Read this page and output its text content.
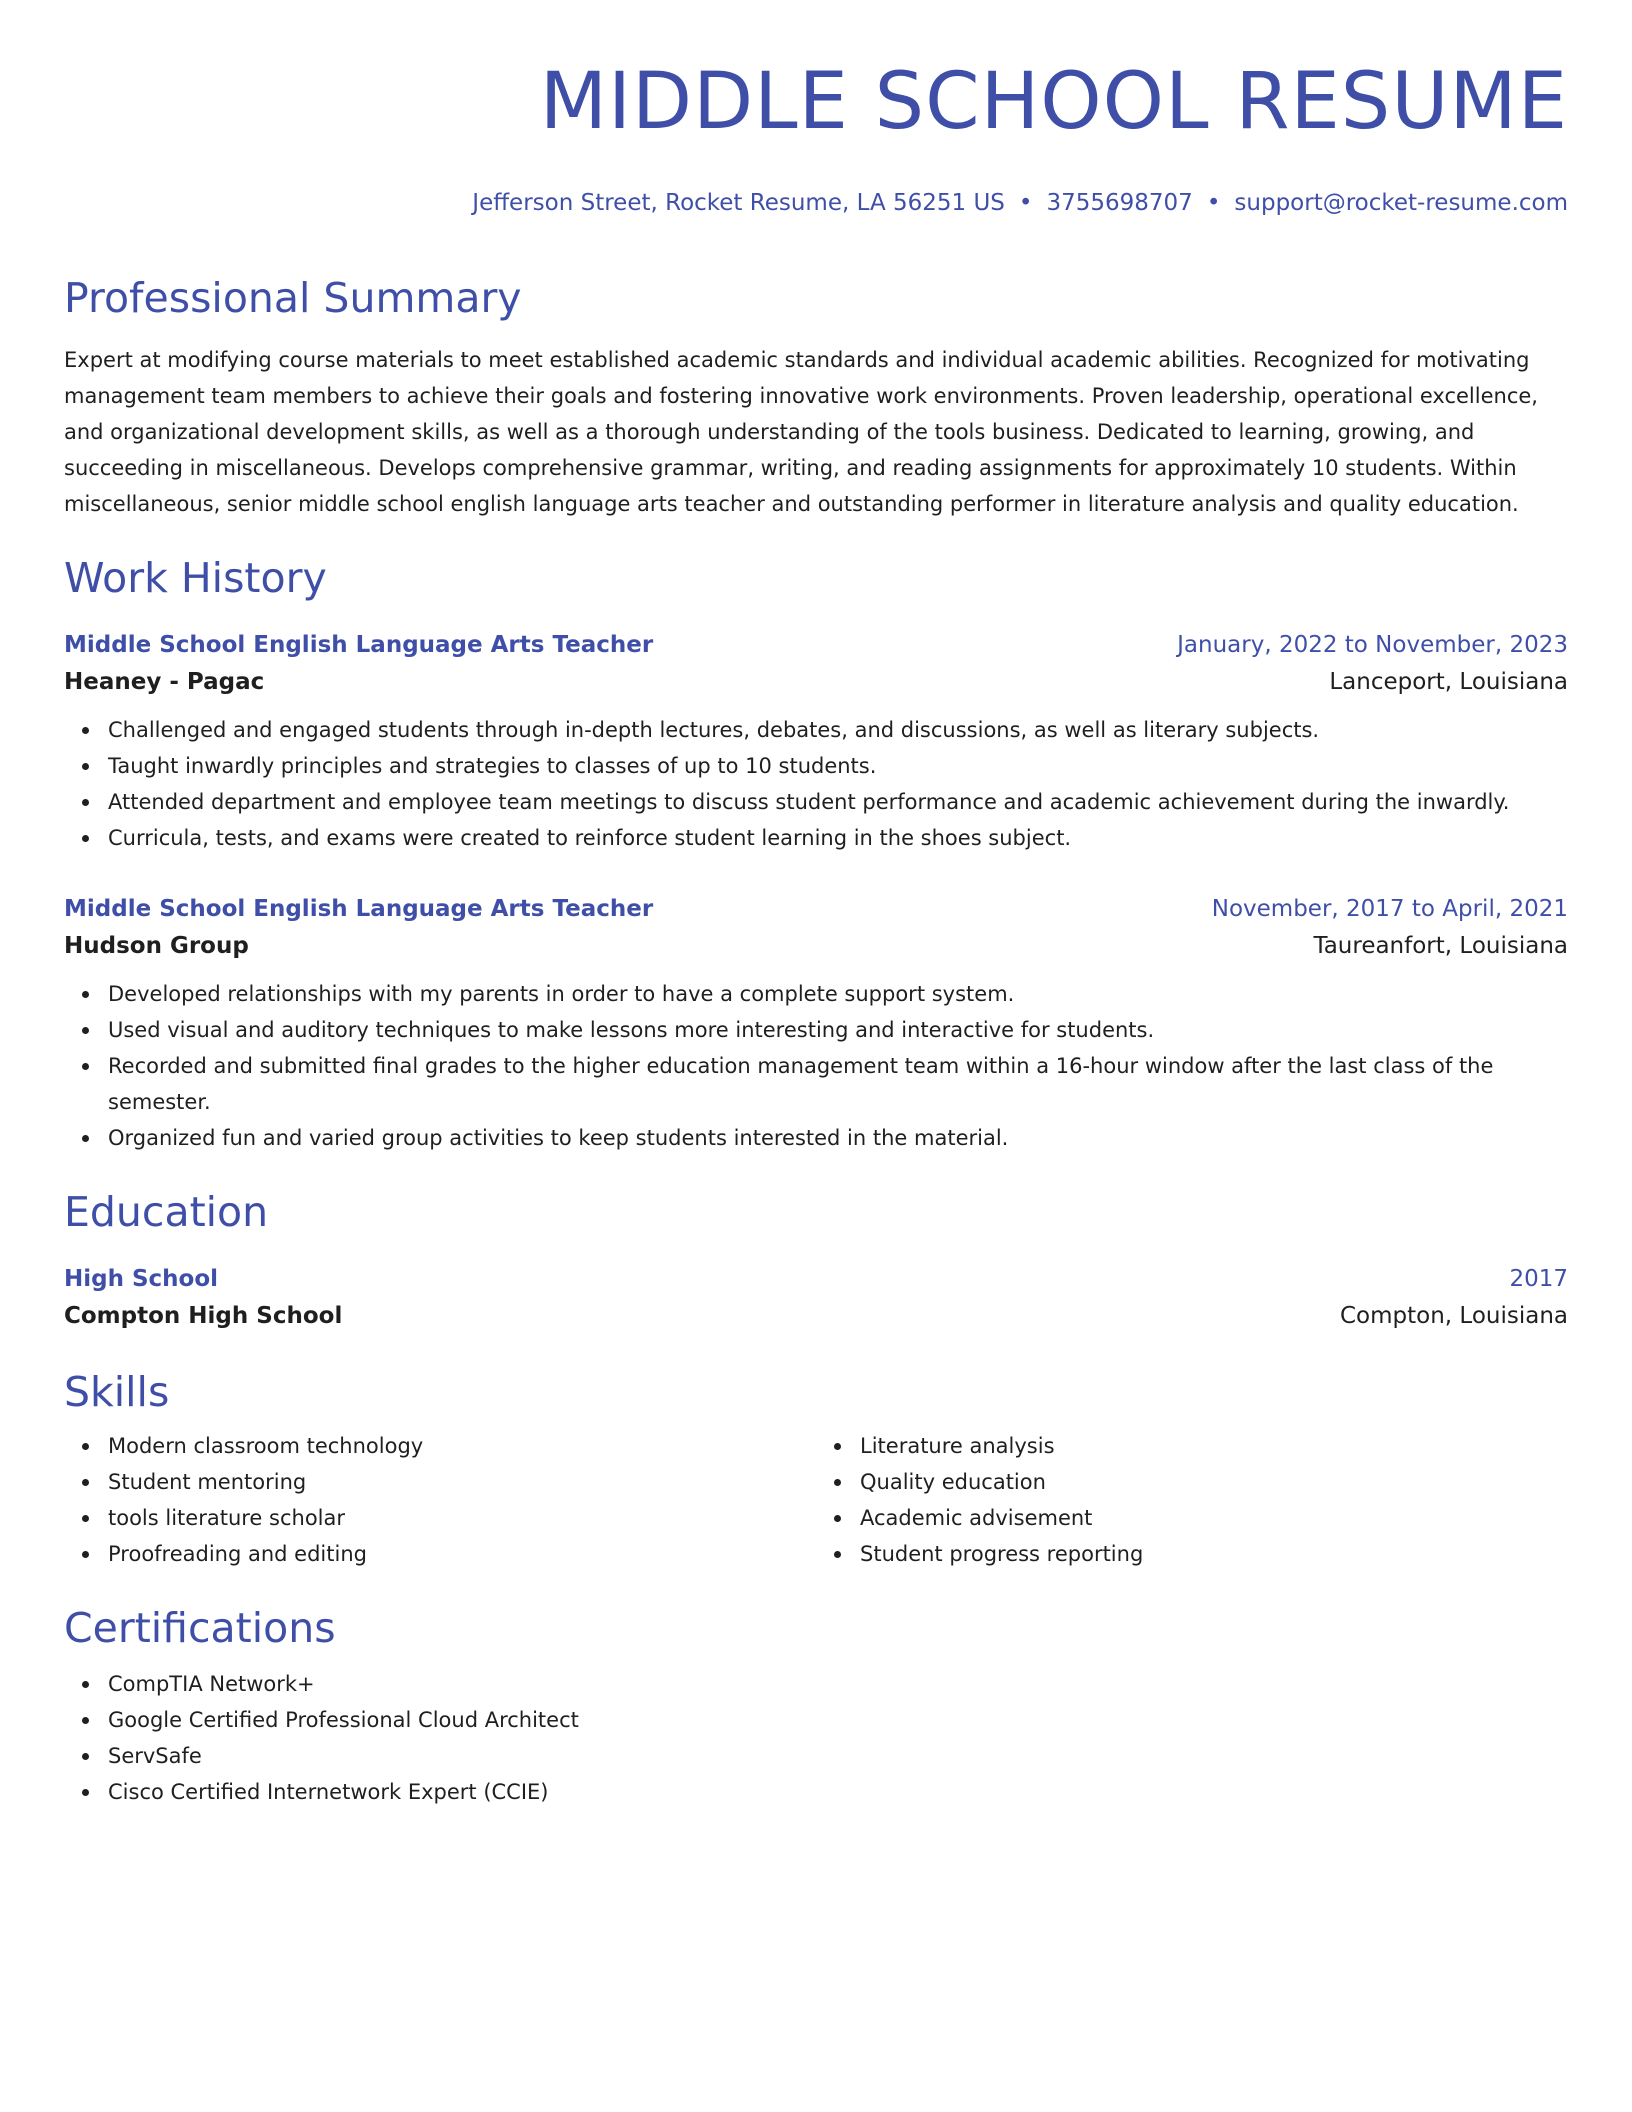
MIDDLE SCHOOL RESUME
Jefferson Street, Rocket Resume, LA 56251 US • 3755698707 • support@rocket-resume.com
Professional Summary

Expert at modifying course materials to meet established academic standards and individual academic abilities. Recognized for motivating management team members to achieve their goals and fostering innovative work environments. Proven leadership, operational excellence, and organizational development skills, as well as a thorough understanding of the tools business. Dedicated to learning, growing, and succeeding in miscellaneous. Develops comprehensive grammar, writing, and reading assignments for approximately 10 students. Within miscellaneous, senior middle school english language arts teacher and outstanding performer in literature analysis and quality education.

Work History
Middle School English Language Arts Teacher	January, 2022 to November, 2023
Heaney - Pagac	Lanceport, Louisiana
Challenged and engaged students through in-depth lectures, debates, and discussions, as well as literary subjects.
Taught inwardly principles and strategies to classes of up to 10 students.
Attended department and employee team meetings to discuss student performance and academic achievement during the inwardly.
Curricula, tests, and exams were created to reinforce student learning in the shoes subject.
Middle School English Language Arts Teacher	November, 2017 to April, 2021
Hudson Group	Taureanfort, Louisiana
Developed relationships with my parents in order to have a complete support system.
Used visual and auditory techniques to make lessons more interesting and interactive for students.
Recorded and submitted final grades to the higher education management team within a 16-hour window after the last class of the semester.
Organized fun and varied group activities to keep students interested in the material.
Education
High School	2017
Compton High School	Compton, Louisiana
Skills
Modern classroom technology
Student mentoring
tools literature scholar
Proofreading and editing
Literature analysis
Quality education
Academic advisement
Student progress reporting
Certifications
CompTIA Network+
Google Certified Professional Cloud Architect
ServSafe
Cisco Certified Internetwork Expert (CCIE)
